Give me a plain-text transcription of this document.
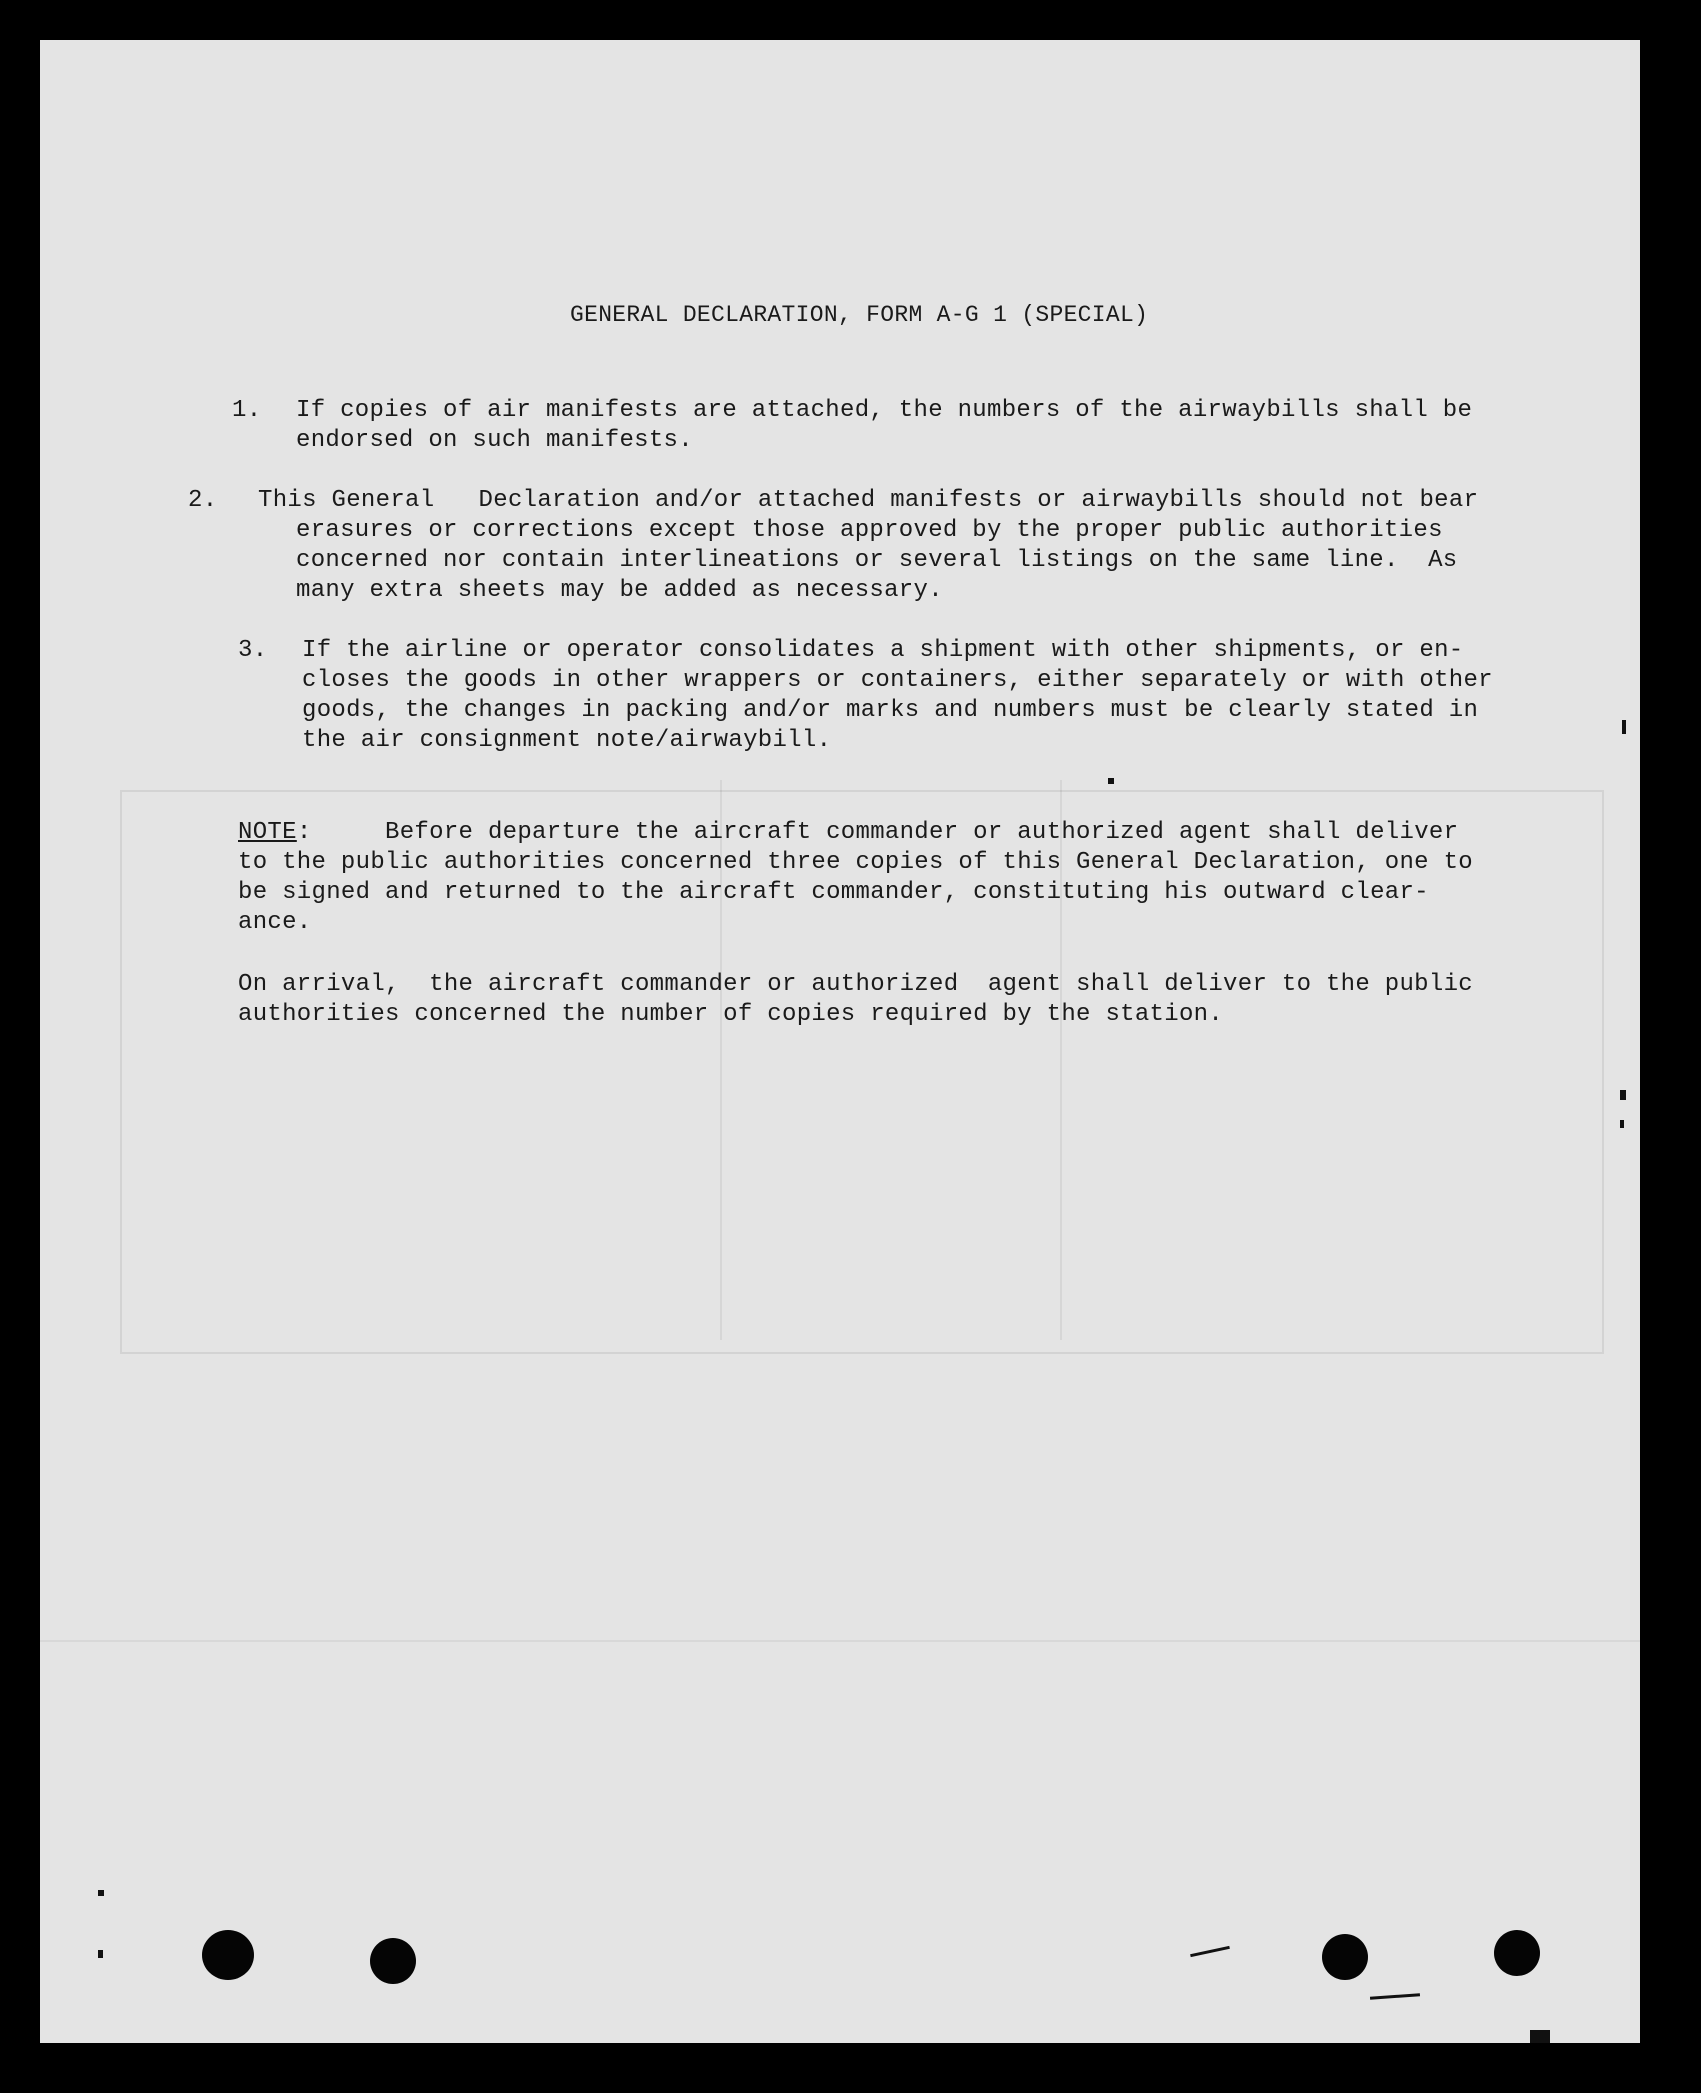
GENERAL DECLARATION, FORM A-G 1 (SPECIAL)
1. If copies of air manifests are attached, the numbers of the airwaybills shall be
endorsed on such manifests.
2. This General   Declaration and/or attached manifests or airwaybills should not bear
erasures or corrections except those approved by the proper public authorities
concerned nor contain interlineations or several listings on the same line.  As
many extra sheets may be added as necessary.
3. If the airline or operator consolidates a shipment with other shipments, or en-
closes the goods in other wrappers or containers, either separately or with other
goods, the changes in packing and/or marks and numbers must be clearly stated in
the air consignment note/airwaybill.
NOTE:     Before departure the aircraft commander or authorized agent shall deliver
to the public authorities concerned three copies of this General Declaration, one to
be signed and returned to the aircraft commander, constituting his outward clear-
ance.
On arrival,  the aircraft commander or authorized  agent shall deliver to the public
authorities concerned the number of copies required by the station.
